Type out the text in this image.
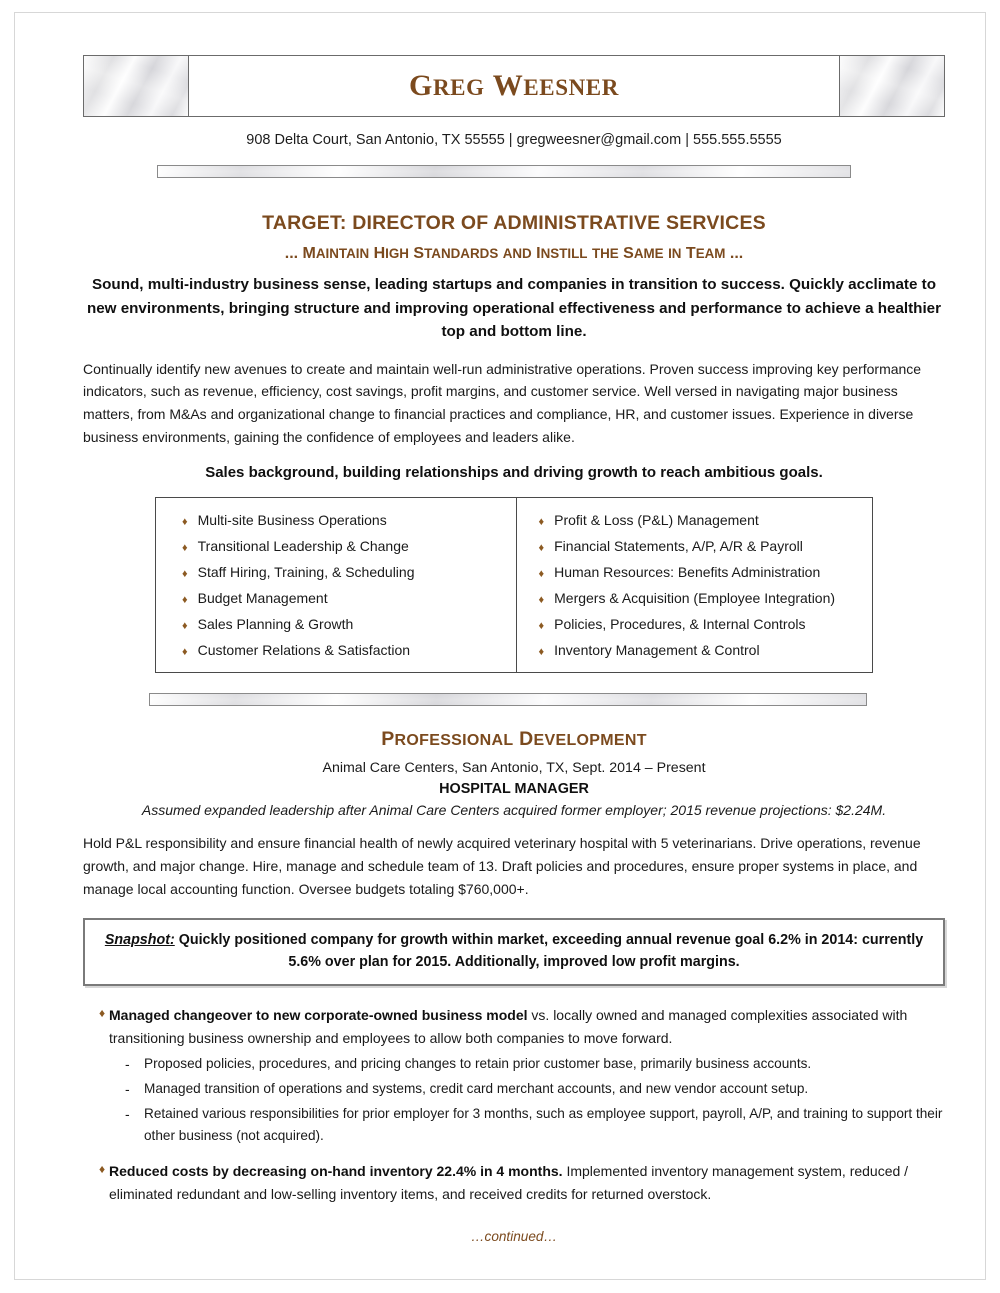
GREG WEESNER
908 Delta Court, San Antonio, TX 55555 | gregweesner@gmail.com | 555.555.5555
TARGET: DIRECTOR OF ADMINISTRATIVE SERVICES
... MAINTAIN HIGH STANDARDS AND INSTILL THE SAME IN TEAM ...
Sound, multi-industry business sense, leading startups and companies in transition to success. Quickly acclimate to new environments, bringing structure and improving operational effectiveness and performance to achieve a healthier top and bottom line.
Continually identify new avenues to create and maintain well-run administrative operations. Proven success improving key performance indicators, such as revenue, efficiency, cost savings, profit margins, and customer service. Well versed in navigating major business matters, from M&As and organizational change to financial practices and compliance, HR, and customer issues. Experience in diverse business environments, gaining the confidence of employees and leaders alike.
Sales background, building relationships and driving growth to reach ambitious goals.
♦ Multi-site Business Operations
♦ Transitional Leadership & Change
♦ Staff Hiring, Training, & Scheduling
♦ Budget Management
♦ Sales Planning & Growth
♦ Customer Relations & Satisfaction
♦ Profit & Loss (P&L) Management
♦ Financial Statements, A/P, A/R & Payroll
♦ Human Resources: Benefits Administration
♦ Mergers & Acquisition (Employee Integration)
♦ Policies, Procedures, & Internal Controls
♦ Inventory Management & Control
PROFESSIONAL DEVELOPMENT
Animal Care Centers, San Antonio, TX, Sept. 2014 – Present
HOSPITAL MANAGER
Assumed expanded leadership after Animal Care Centers acquired former employer; 2015 revenue projections: $2.24M.
Hold P&L responsibility and ensure financial health of newly acquired veterinary hospital with 5 veterinarians. Drive operations, revenue growth, and major change. Hire, manage and schedule team of 13. Draft policies and procedures, ensure proper systems in place, and manage local accounting function. Oversee budgets totaling $760,000+.
Snapshot: Quickly positioned company for growth within market, exceeding annual revenue goal 6.2% in 2014: currently 5.6% over plan for 2015. Additionally, improved low profit margins.
♦ Managed changeover to new corporate-owned business model vs. locally owned and managed complexities associated with transitioning business ownership and employees to allow both companies to move forward.
-	Proposed policies, procedures, and pricing changes to retain prior customer base, primarily business accounts.
-	Managed transition of operations and systems, credit card merchant accounts, and new vendor account setup.
-	Retained various responsibilities for prior employer for 3 months, such as employee support, payroll, A/P, and training to support their other business (not acquired).
♦ Reduced costs by decreasing on-hand inventory 22.4% in 4 months. Implemented inventory management system, reduced / eliminated redundant and low-selling inventory items, and received credits for returned overstock.
…continued…
